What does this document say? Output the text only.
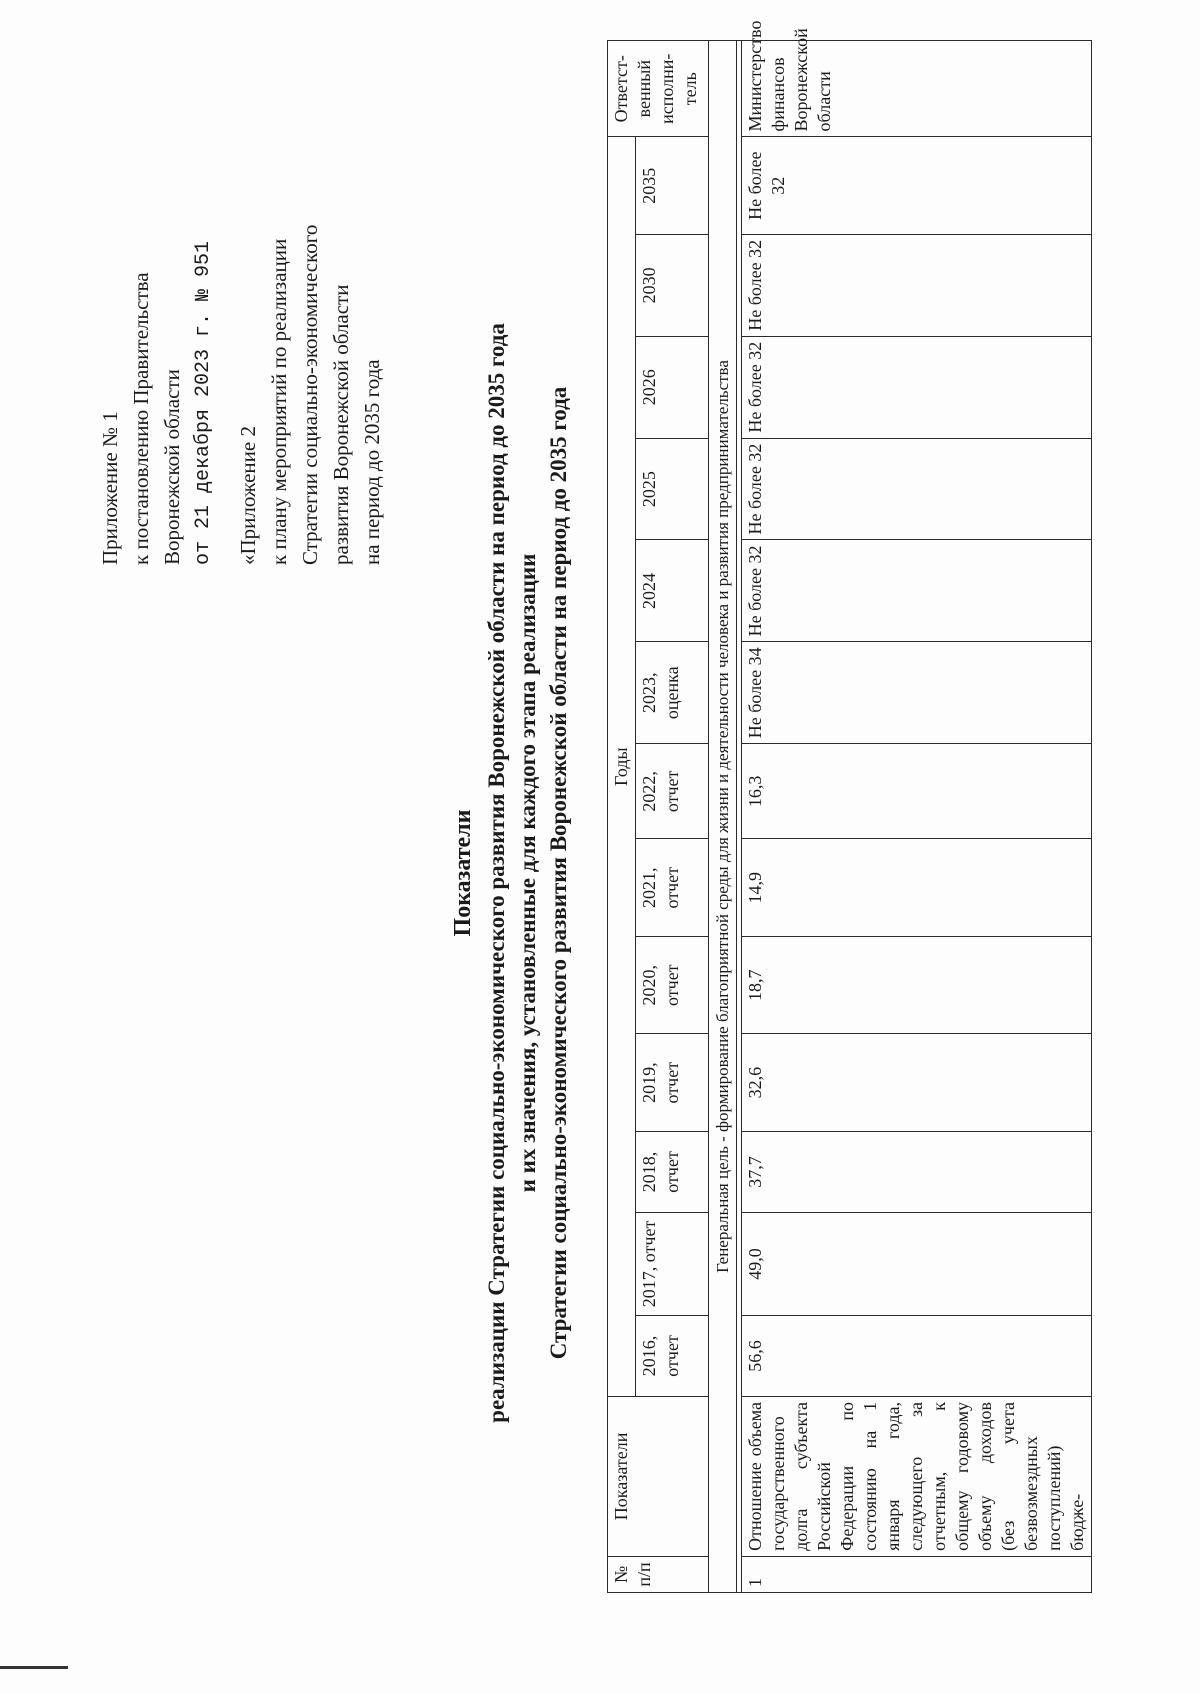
Приложение № 1 к постановлению Правительства Воронежской области от 21 декабря 2023 г. № 951 «Приложение 2 к плану мероприятий по реализации Стратегии социально-экономического развития Воронежской области на период до 2035 года
Показатели реализации Стратегии социально-экономического развития Воронежской области на период до 2035 года и их значения, установленные для каждого этапа реализации Стратегии социально-экономического развития Воронежской области на период до 2035 года
№ п/п	Показатели	Годы													Ответст- венный исполни- тель
		2016, отчет	2017, отчет	2018, отчет	2019, отчет	2020, отчет	2021, отчет	2022, отчет	2023, оценка	2024	2025	2026	2030	2035	
Генеральная цель - формирование благоприятной среды для жизни и деятельности человека и развития предпринимательства															

1	Отношение объема государственного долга субъекта Российской Федерации по состоянию на 1 января года, следующего за отчетным, к общему годовому объему доходов (без учета безвозмездных поступлений) бюдже-	56,6	49,0	37,7	32,6	18,7	14,9	16,3	Не более 34	Не более 32	Не более 32	Не более 32	Не более 32	Не более 32	Министерство финансов Воронежской области
